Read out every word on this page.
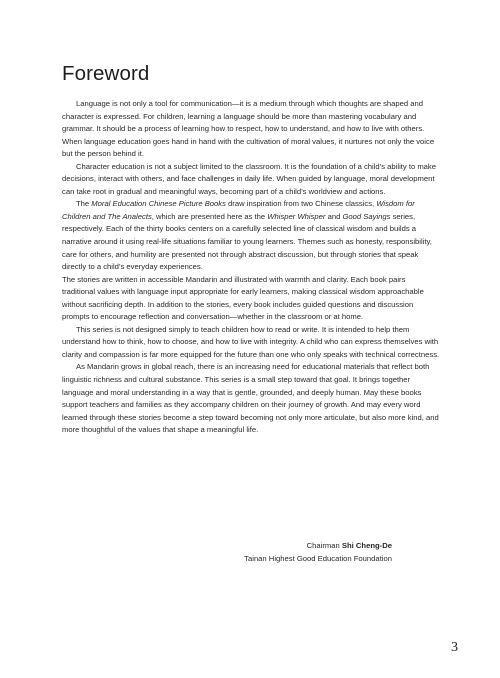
Foreword

Language is not only a tool for communication—it is a medium through which thoughts are shaped and character is expressed. For children, learning a language should be more than mastering vocabulary and grammar. It should be a process of learning how to respect, how to understand, and how to live with others. When language education goes hand in hand with the cultivation of moral values, it nurtures not only the voice but the person behind it.

Character education is not a subject limited to the classroom. It is the foundation of a child’s ability to make decisions, interact with others, and face challenges in daily life. When guided by language, moral development can take root in gradual and meaningful ways, becoming part of a child’s worldview and actions.

The Moral Education Chinese Picture Books draw inspiration from two Chinese classics, Wisdom for Children and The Analects, which are presented here as the Whisper Whisper and Good Sayings series, respectively. Each of the thirty books centers on a carefully selected line of classical wisdom and builds a narrative around it using real-life situations familiar to young learners. Themes such as honesty, responsibility, care for others, and humility are presented not through abstract discussion, but through stories that speak directly to a child’s everyday experiences.

The stories are written in accessible Mandarin and illustrated with warmth and clarity. Each book pairs traditional values with language input appropriate for early learners, making classical wisdom approachable without sacrificing depth. In addition to the stories, every book includes guided questions and discussion prompts to encourage reflection and conversation—whether in the classroom or at home.

This series is not designed simply to teach children how to read or write. It is intended to help them understand how to think, how to choose, and how to live with integrity. A child who can express themselves with clarity and compassion is far more equipped for the future than one who only speaks with technical correctness.

As Mandarin grows in global reach, there is an increasing need for educational materials that reflect both linguistic richness and cultural substance. This series is a small step toward that goal. It brings together language and moral understanding in a way that is gentle, grounded, and deeply human. May these books support teachers and families as they accompany children on their journey of growth. And may every word learned through these stories become a step toward becoming not only more articulate, but also more kind, and more thoughtful of the values that shape a meaningful life.

Chairman Shi Cheng-De
Tainan Highest Good Education Foundation
3
